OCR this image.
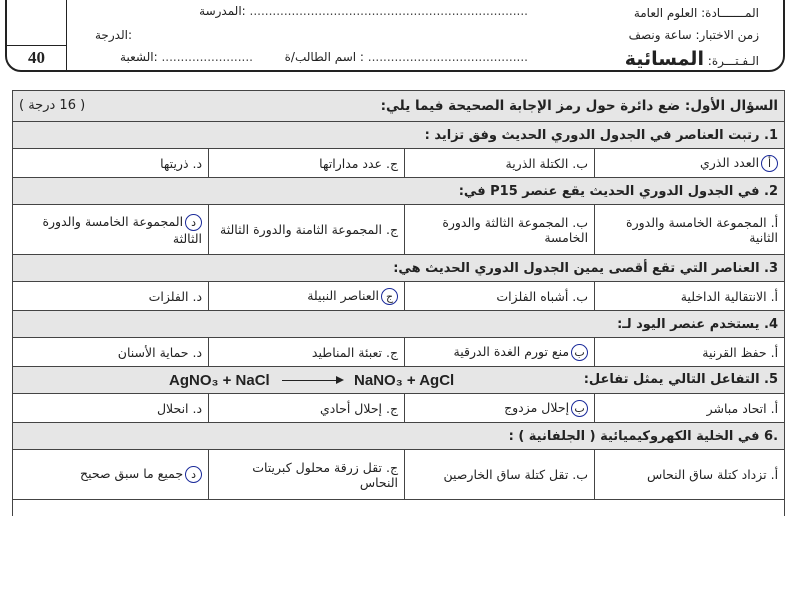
40
المـــــــادة: العلوم العامة
زمن الاختبار: ساعة ونصف
الـفـتـــرة: المسائية
المدرسة: .........................................................................
اسم الطالب/ة : ..........................................
الشعبة: ........................
الدرجة:
السؤال الأول: ضع دائرة حول رمز الإجابة الصحيحة فيما يلي:
( 16 درجة )			

1. رتبت العناصر في الجدول الدوري الحديث وفق تزايد :			
أالعدد الذري	ب. الكتلة الذرية	ج. عدد مداراتها	د. ذريتها
2. في الجدول الدوري الحديث يقع عنصر P15 في:			
أ. المجموعة الخامسة والدورة الثانية	ب. المجموعة الثالثة والدورة الخامسة	ج. المجموعة الثامنة والدورة الثالثة	دالمجموعة الخامسة والدورة الثالثة
3. العناصر التي تقع أقصى يمين الجدول الدوري الحديث هي:			
أ. الانتقالية الداخلية	ب. أشباه الفلزات	جالعناصر النبيلة	د. الفلزات
4. يستخدم عنصر اليود لـ:			
أ. حفظ القرنية	بمنع تورم الغدة الدرقية	ج. تعبئة المناطيد	د. حماية الأسنان
5. التفاعل التالي يمثل تفاعل:
AgNO₃ + NaCl → NaNO₃ + AgCl			

أ. اتحاد مباشر	بإحلال مزدوج	ج. إحلال أحادي	د. انحلال
.6 في الخلية الكهروكيميائية ( الجلفانية ) :			
أ. تزداد كتلة ساق النحاس	ب. تقل كتلة ساق الخارصين	ج. تقل زرقة محلول كبريتات النحاس	دجميع ما سبق صحيح
